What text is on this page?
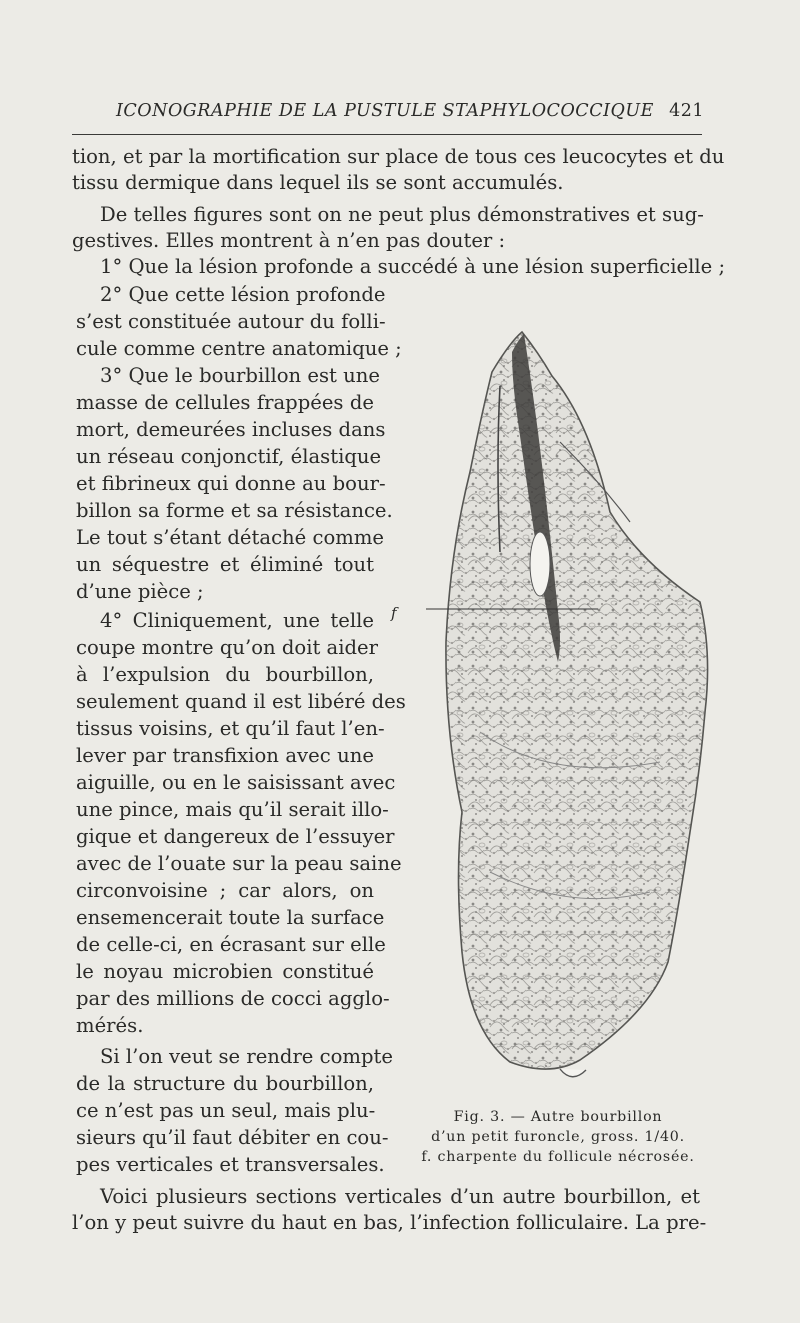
ICONOGRAPHIE DE LA PUSTULE STAPHYLOCOCCIQUE 421
tion, et par la mortification sur place de tous ces leucocytes et du
tissu dermique dans lequel ils se sont accumulés.
De telles figures sont on ne peut plus démonstratives et sug-
gestives. Elles montrent à n’en pas douter :
1° Que la lésion profonde a succédé à une lésion superficielle ;
2° Que cette lésion profonde
s’est constituée autour du folli-
cule comme centre anatomique ;
3° Que le bourbillon est une
masse de cellules frappées de
mort, demeurées incluses dans
un réseau conjonctif, élastique
et fibrineux qui donne au bour-
billon sa forme et sa résistance.
Le tout s’étant détaché comme
un séquestre et éliminé tout
d’une pièce ;
4° Cliniquement, une telle
coupe montre qu’on doit aider
à l’expulsion du bourbillon,
seulement quand il est libéré des
tissus voisins, et qu’il faut l’en-
lever par transfixion avec une
aiguille, ou en le saisissant avec
une pince, mais qu’il serait illo-
gique et dangereux de l’essuyer
avec de l’ouate sur la peau saine
circonvoisine ; car alors, on
ensemencerait toute la surface
de celle-ci, en écrasant sur elle
le noyau microbien constitué
par des millions de cocci agglo-
mérés.
Si l’on veut se rendre compte
de la structure du bourbillon,
ce n’est pas un seul, mais plu-
sieurs qu’il faut débiter en cou-
pes verticales et transversales.
Voici plusieurs sections verticales d’un autre bourbillon, et
l’on y peut suivre du haut en bas, l’infection folliculaire. La pre-
f
Fig. 3. — Autre bourbillon
d’un petit furoncle, gross. 1/40.
f. charpente du follicule nécrosée.
